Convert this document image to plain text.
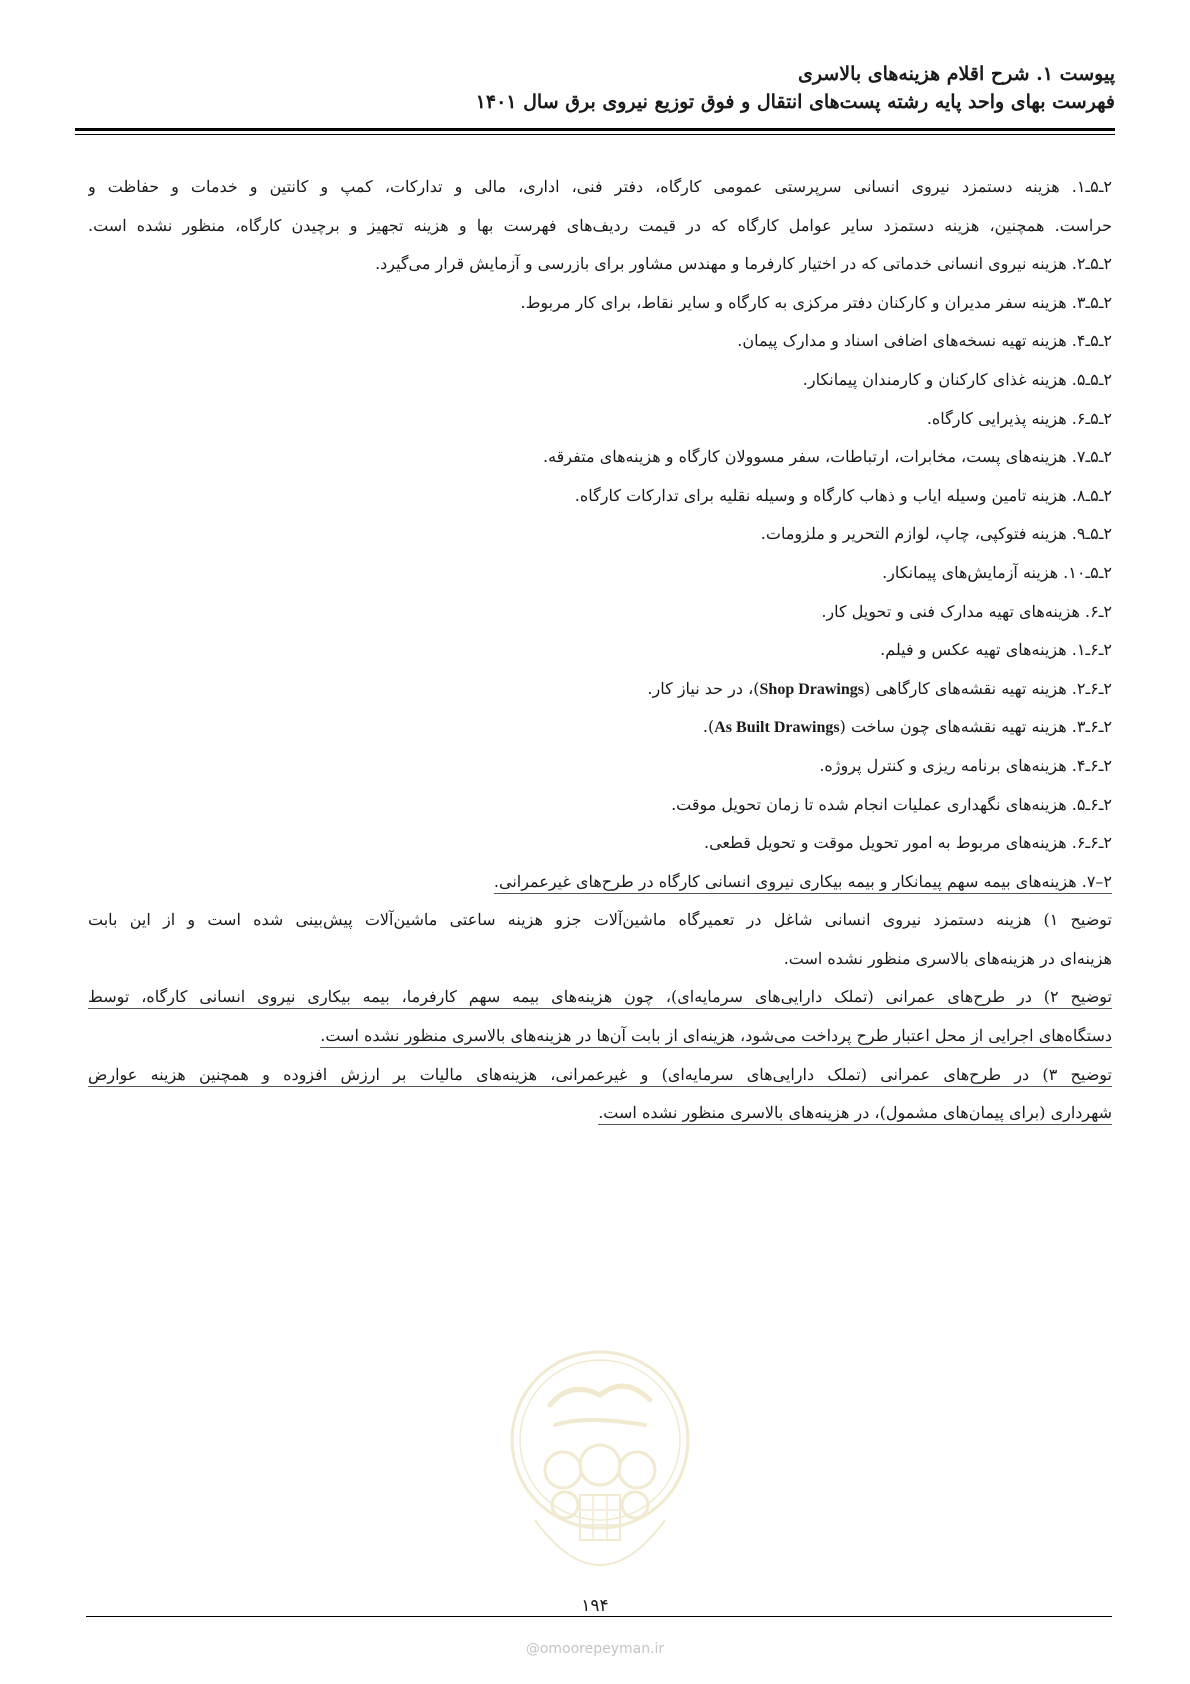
پیوست ۱. شرح اقلام هزینه‌های بالاسری
فهرست بهای واحد پایه رشته پست‌های انتقال و فوق توزیع نیروی برق سال ۱۴۰۱
۲ـ۵ـ۱. هزینه دستمزد نیروی انسانی سرپرستی عمومی کارگاه، دفتر فنی، اداری، مالی و تدارکات، کمپ و کانتین و خدمات و حفاظت و
حراست. همچنین، هزینه دستمزد سایر عوامل کارگاه که در قیمت ردیف‌های فهرست بها و هزینه تجهیز و برچیدن کارگاه، منظور نشده است.
۲ـ۵ـ۲. هزینه نیروی انسانی خدماتی که در اختیار کارفرما و مهندس مشاور برای بازرسی و آزمایش قرار می‌گیرد.
۲ـ۵ـ۳. هزینه سفر مدیران و کارکنان دفتر مرکزی به کارگاه و سایر نقاط، برای کار مربوط.
۲ـ۵ـ۴. هزینه تهیه نسخه‌های اضافی اسناد و مدارک پیمان.
۲ـ۵ـ۵. هزینه غذای کارکنان و کارمندان پیمانکار.
۲ـ۵ـ۶. هزینه پذیرایی کارگاه.
۲ـ۵ـ۷. هزینه‌های پست، مخابرات، ارتباطات، سفر مسوولان کارگاه و هزینه‌های متفرقه.
۲ـ۵ـ۸. هزینه تامین وسیله ایاب و ذهاب کارگاه و وسیله نقلیه برای تدارکات کارگاه.
۲ـ۵ـ۹. هزینه فتوکپی، چاپ، لوازم التحریر و ملزومات.
۲ـ۵ـ۱۰. هزینه آزمایش‌های پیمانکار.
۲ـ۶. هزینه‌های تهیه مدارک فنی و تحویل کار.
۲ـ۶ـ۱. هزینه‌های تهیه عکس و فیلم.
۲ـ۶ـ۲. هزینه تهیه نقشه‌های کارگاهی (Shop Drawings)، در حد نیاز کار.
۲ـ۶ـ۳. هزینه تهیه نقشه‌های چون ساخت (As Built Drawings).
۲ـ۶ـ۴. هزینه‌های برنامه ریزی و کنترل پروژه.
۲ـ۶ـ۵. هزینه‌های نگهداری عملیات انجام شده تا زمان تحویل موقت.
۲ـ۶ـ۶. هزینه‌های مربوط به امور تحویل موقت و تحویل قطعی.
۲–۷. هزینه‌های بیمه سهم پیمانکار و بیمه بیکاری نیروی انسانی کارگاه در طرح‌های غیرعمرانی.
توضیح ۱) هزینه دستمزد نیروی انسانی شاغل در تعمیرگاه ماشین‌آلات جزو هزینه ساعتی ماشین‌آلات پیش‌بینی شده است و از این بابت
هزینه‌ای در هزینه‌های بالاسری منظور نشده است.
توضیح ۲) در طرح‌های عمرانی (تملک دارایی‌های سرمایه‌ای)، چون هزینه‌های بیمه سهم کارفرما، بیمه بیکاری نیروی انسانی کارگاه، توسط
دستگاه‌های اجرایی از محل اعتبار طرح پرداخت می‌شود، هزینه‌ای از بابت آن‌ها در هزینه‌های بالاسری منظور نشده است.
توضیح ۳) در طرح‌های عمرانی (تملک دارایی‌های سرمایه‌ای) و غیرعمرانی، هزینه‌های مالیات بر ارزش افزوده و همچنین هزینه عوارض
شهرداری (برای پیمان‌های مشمول)، در هزینه‌های بالاسری منظور نشده است.
۱۹۴
@omoorepeyman.ir
